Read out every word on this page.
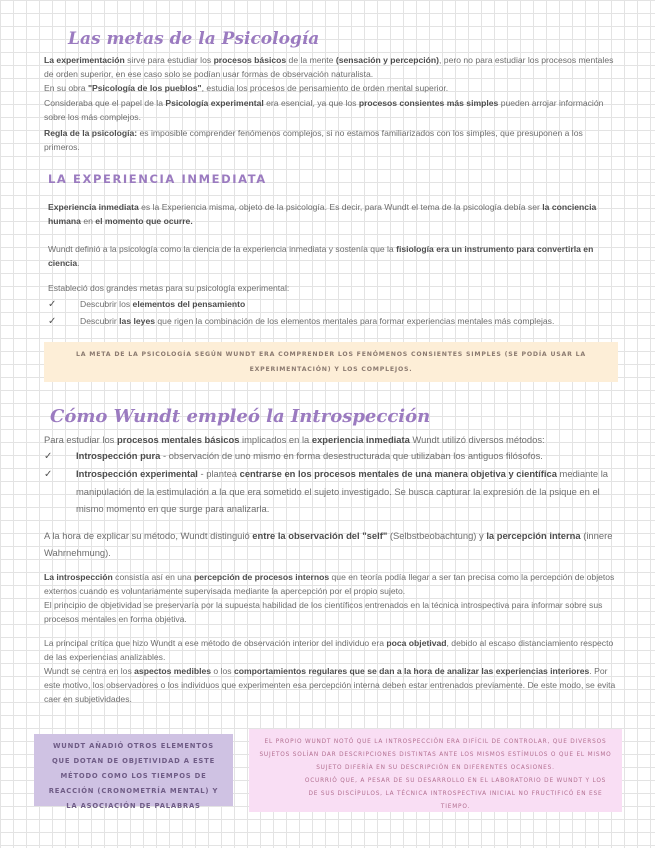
Las metas de la Psicología

La experimentación sirve para estudiar los procesos básicos de la mente (sensación y percepción), pero no para estudiar los procesos mentales de orden superior, en ese caso solo se podían usar formas de observación naturalista.

En su obra "Psicología de los pueblos", estudia los procesos de pensamiento de orden mental superior.

Consideraba que el papel de la Psicología experimental era esencial, ya que los procesos consientes más simples pueden arrojar información sobre los más complejos.

Regla de la psicología: es imposible comprender fenómenos complejos, si no estamos familiarizados con los simples, que presuponen a los primeros.

LA EXPERIENCIA INMEDIATA

Experiencia inmediata es la Experiencia misma, objeto de la psicología. Es decir, para Wundt el tema de la psicología debía ser la conciencia humana en el momento que ocurre.

Wundt definió a la psicología como la ciencia de la experiencia inmediata y sostenía que la fisiología era un instrumento para convertirla en ciencia.

Estableció dos grandes metas para su psicología experimental:

✓	Descubrir los elementos del pensamiento

✓	Descubrir las leyes que rigen la combinación de los elementos mentales para formar experiencias mentales más complejas.

LA META DE LA PSICOLOGÍA SEGÚN WUNDT ERA COMPRENDER LOS FENÓMENOS CONSIENTES SIMPLES (SE PODÍA USAR LA EXPERIMENTACIÓN) Y LOS COMPLEJOS.
Cómo Wundt empleó la Introspección

Para estudiar los procesos mentales básicos implicados en la experiencia inmediata Wundt utilizó diversos métodos:

✓	Introspección pura - observación de uno mismo en forma desestructurada que utilizaban los antiguos filósofos.

✓	Introspección experimental - plantea centrarse en los procesos mentales de una manera objetiva y científica mediante la manipulación de la estimulación a la que era sometido el sujeto investigado. Se busca capturar la expresión de la psique en el mismo momento en que surge para analizarla.

A la hora de explicar su método, Wundt distinguió entre la observación del "self" (Selbstbeobachtung) y la percepción interna (innere Wahrnehmung).

La introspección consistía así en una percepción de procesos internos que en teoría podía llegar a ser tan precisa como la percepción de objetos externos cuando es voluntariamente supervisada mediante la apercepción por el propio sujeto.

El principio de objetividad se preservaría por la supuesta habilidad de los científicos entrenados en la técnica introspectiva para informar sobre sus procesos mentales en forma objetiva.

La principal crítica que hizo Wundt a ese método de observación interior del individuo era poca objetivad, debido al escaso distanciamiento respecto de las experiencias analizables.

Wundt se centra en los aspectos medibles o los comportamientos regulares que se dan a la hora de analizar las experiencias interiores. Por este motivo, los observadores o los individuos que experimenten esa percepción interna deben estar entrenados previamente. De este modo, se evita caer en subjetividades.

WUNDT AÑADIÓ OTROS ELEMENTOS QUE DOTAN DE OBJETIVIDAD A ESTE MÉTODO COMO LOS TIEMPOS DE REACCIÓN (CRONOMETRÍA MENTAL) Y LA ASOCIACIÓN DE PALABRAS

EL PROPIO WUNDT NOTÓ QUE LA INTROSPECCIÓN ERA DIFÍCIL DE CONTROLAR, QUE DIVERSOS SUJETOS SOLÍAN DAR DESCRIPCIONES DISTINTAS ANTE LOS MISMOS ESTÍMULOS O QUE EL MISMO SUJETO DIFERÍA EN SU DESCRIPCIÓN EN DIFERENTES OCASIONES.

OCURRIÓ QUE, A PESAR DE SU DESARROLLO EN EL LABORATORIO DE WUNDT Y LOS DE SUS DISCÍPULOS, LA TÉCNICA INTROSPECTIVA INICIAL NO FRUCTIFICÓ EN ESE TIEMPO.
